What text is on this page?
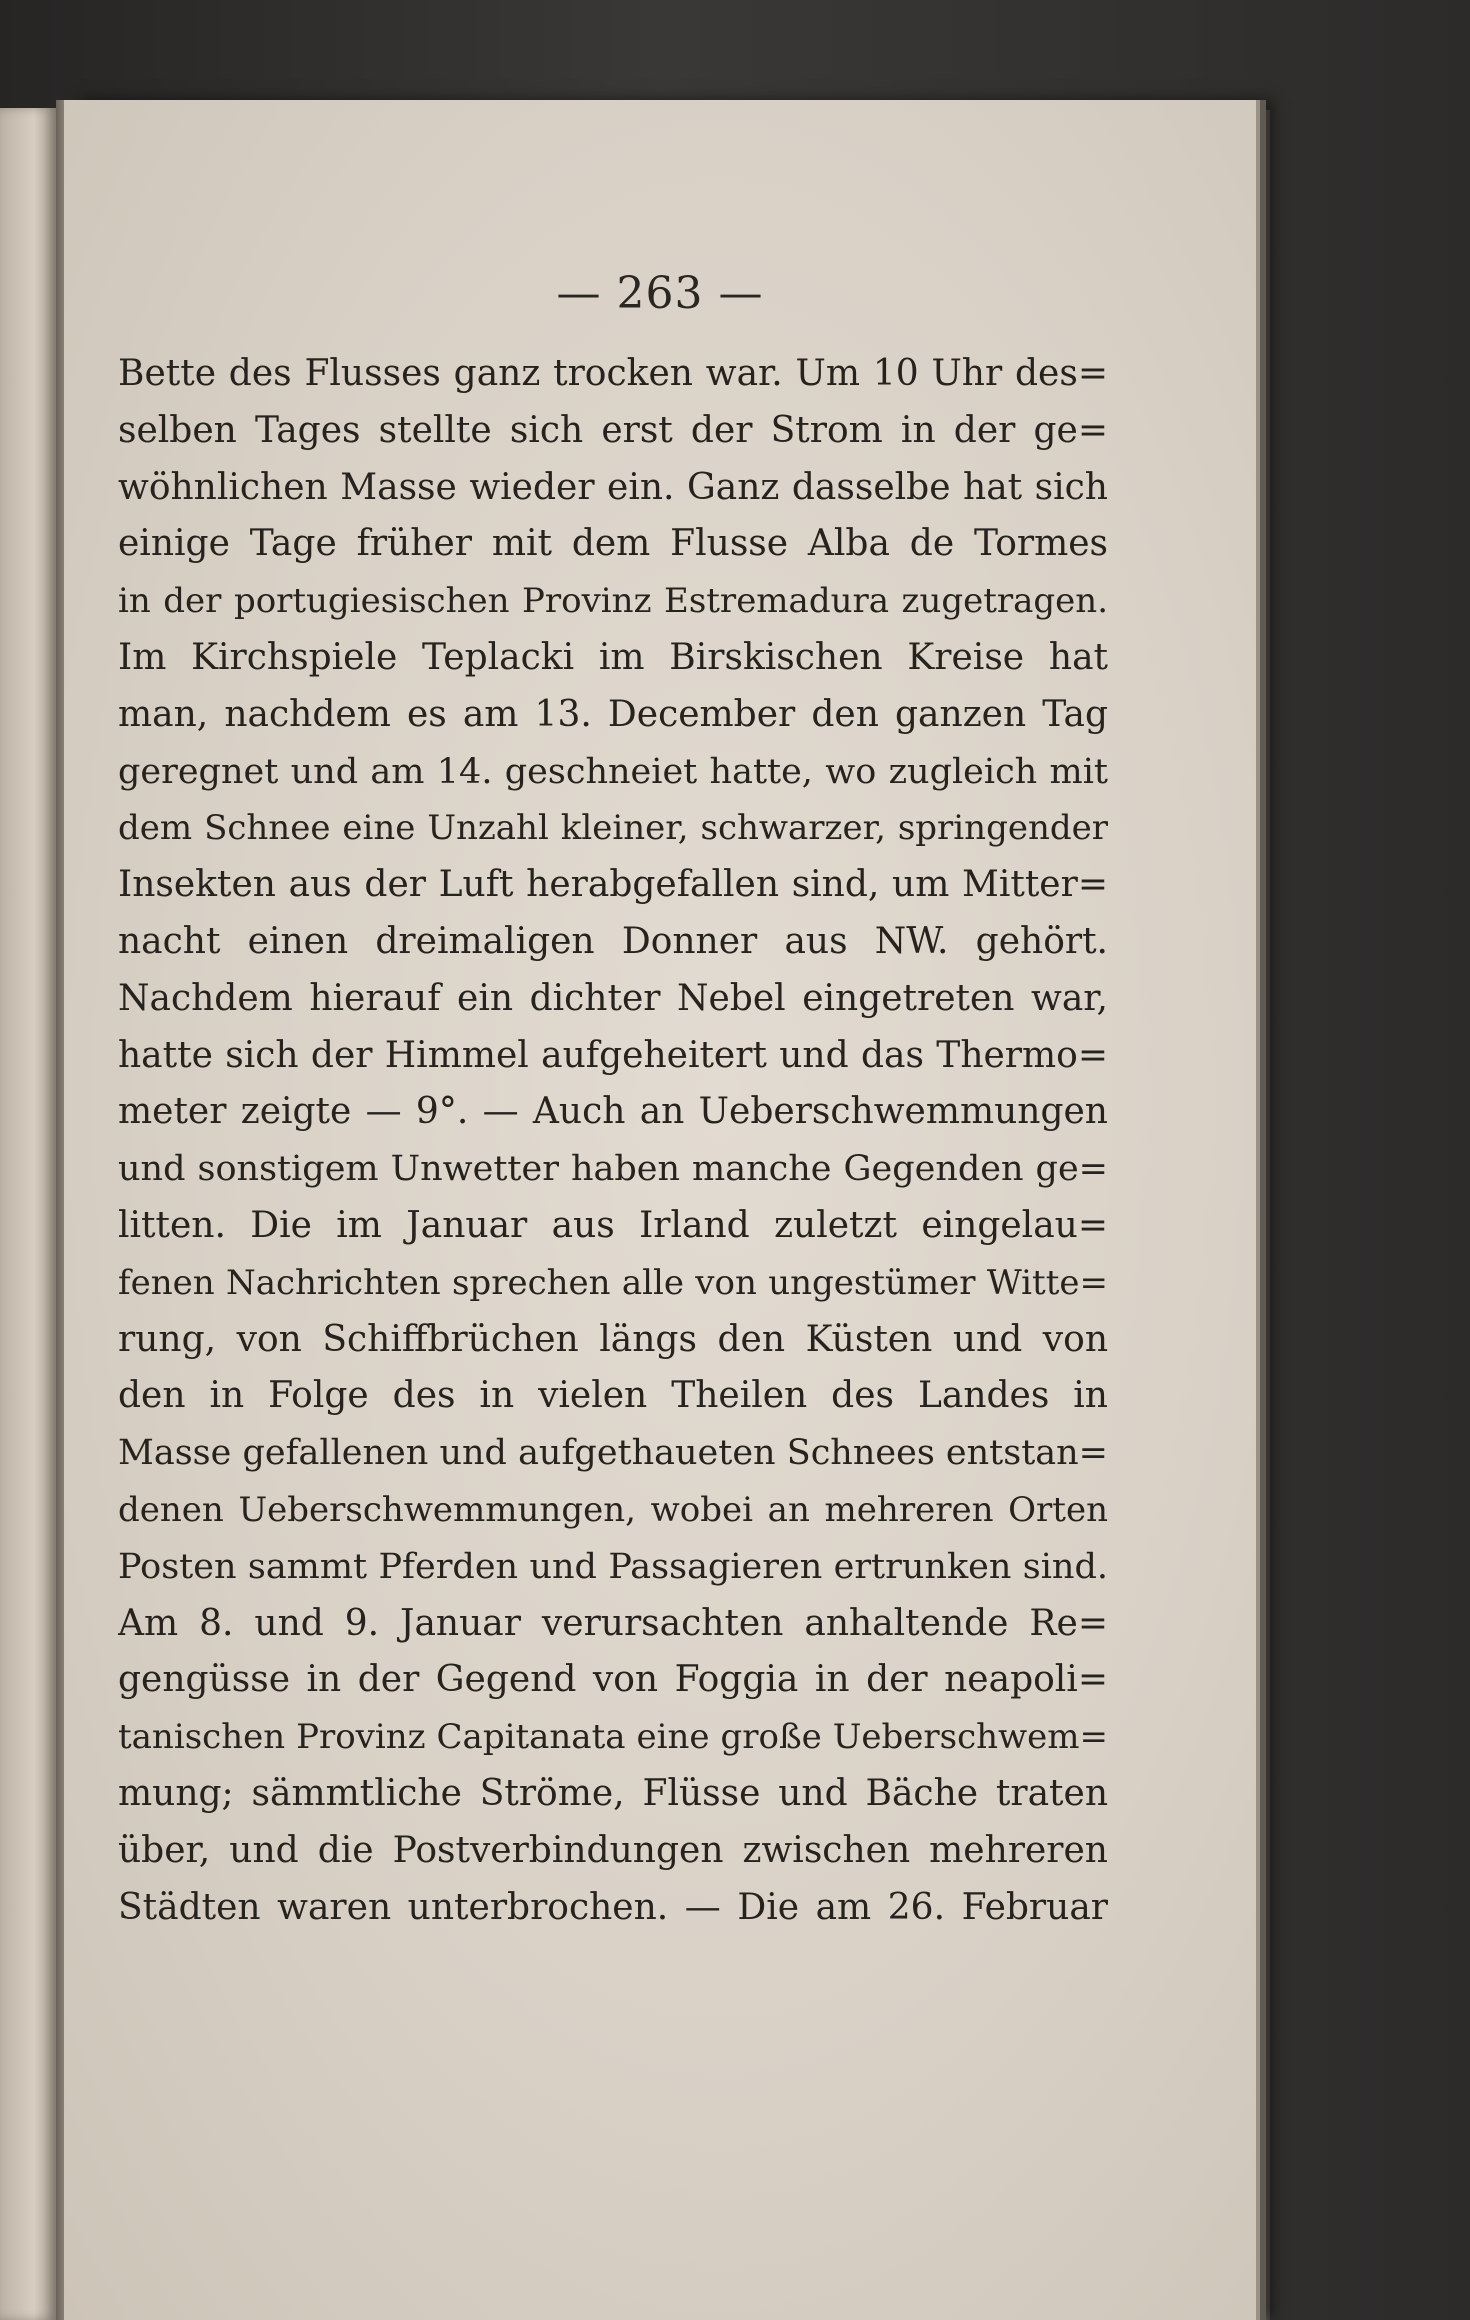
— 263 —
Bette des Flusses ganz trocken war. Um 10 Uhr des=
selben Tages stellte sich erst der Strom in der ge=
wöhnlichen Masse wieder ein. Ganz dasselbe hat sich
einige Tage früher mit dem Flusse Alba de Tormes
in der portugiesischen Provinz Estremadura zugetragen.
Im Kirchspiele Teplacki im Birskischen Kreise hat
man, nachdem es am 13. December den ganzen Tag
geregnet und am 14. geschneiet hatte, wo zugleich mit
dem Schnee eine Unzahl kleiner, schwarzer, springender
Insekten aus der Luft herabgefallen sind, um Mitter=
nacht einen dreimaligen Donner aus NW. gehört.
Nachdem hierauf ein dichter Nebel eingetreten war,
hatte sich der Himmel aufgeheitert und das Thermo=
meter zeigte — 9°. — Auch an Ueberschwemmungen
und sonstigem Unwetter haben manche Gegenden ge=
litten. Die im Januar aus Irland zuletzt eingelau=
fenen Nachrichten sprechen alle von ungestümer Witte=
rung, von Schiffbrüchen längs den Küsten und von
den in Folge des in vielen Theilen des Landes in
Masse gefallenen und aufgethaueten Schnees entstan=
denen Ueberschwemmungen, wobei an mehreren Orten
Posten sammt Pferden und Passagieren ertrunken sind.
Am 8. und 9. Januar verursachten anhaltende Re=
gengüsse in der Gegend von Foggia in der neapoli=
tanischen Provinz Capitanata eine große Ueberschwem=
mung; sämmtliche Ströme, Flüsse und Bäche traten
über, und die Postverbindungen zwischen mehreren
Städten waren unterbrochen. — Die am 26. Februar
